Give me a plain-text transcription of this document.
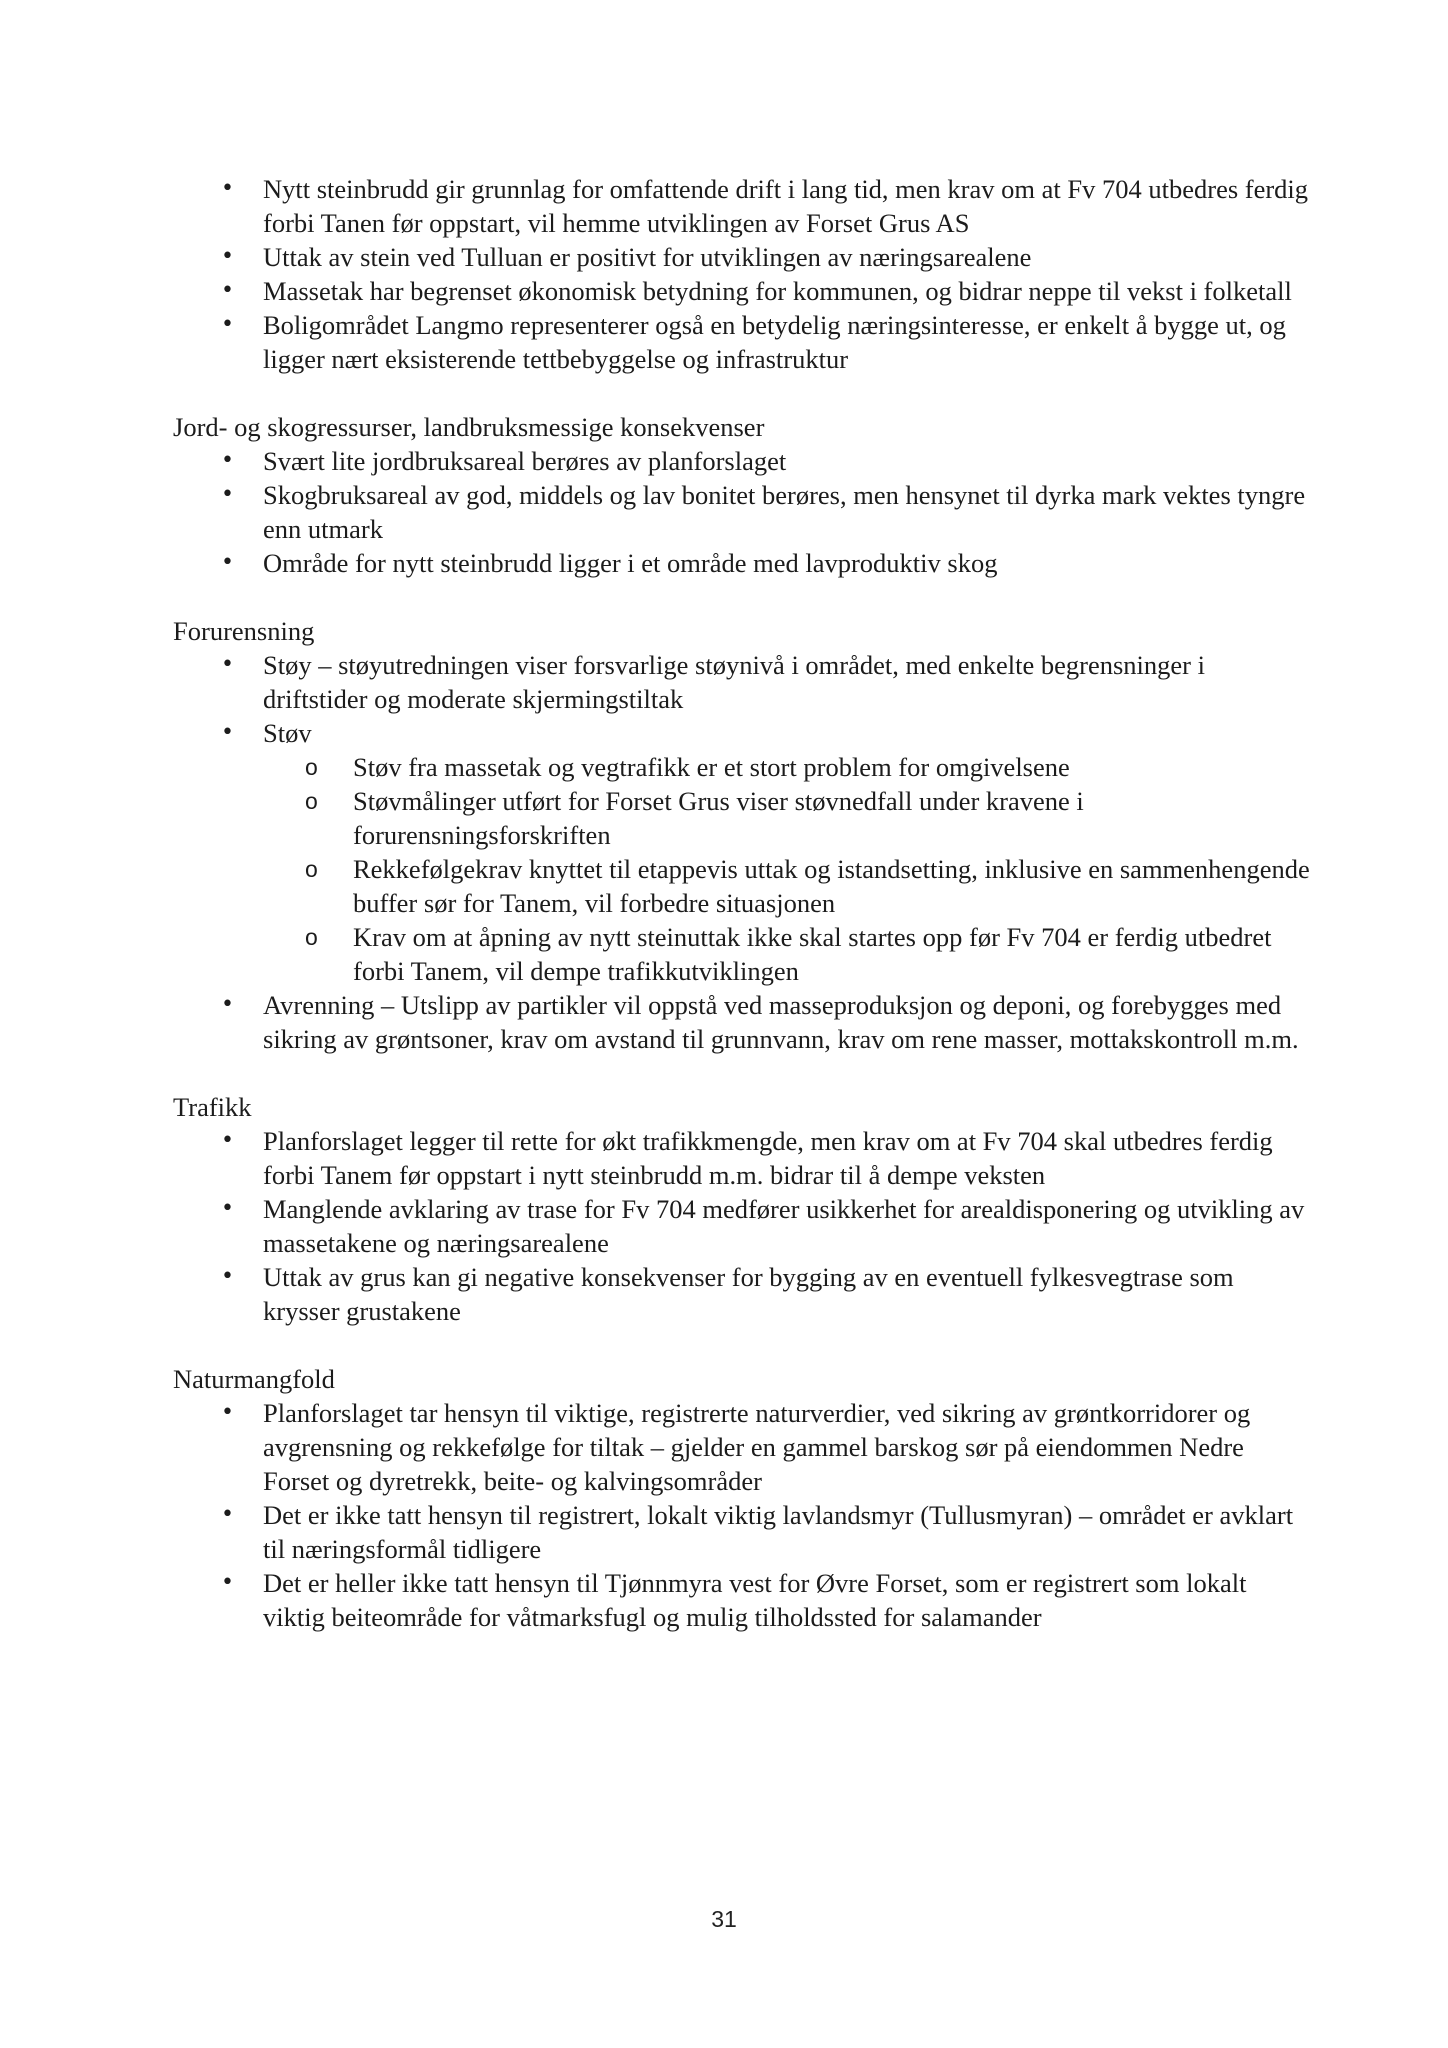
• Nytt steinbrudd gir grunnlag for omfattende drift i lang tid, men krav om at Fv 704 utbedres ferdig forbi Tanen før oppstart, vil hemme utviklingen av Forset Grus AS
• Uttak av stein ved Tulluan er positivt for utviklingen av næringsarealene
• Massetak har begrenset økonomisk betydning for kommunen, og bidrar neppe til vekst i folketall
• Boligområdet Langmo representerer også en betydelig næringsinteresse, er enkelt å bygge ut, og ligger nært eksisterende tettbebyggelse og infrastruktur
Jord- og skogressurser, landbruksmessige konsekvenser
• Svært lite jordbruksareal berøres av planforslaget
• Skogbruksareal av god, middels og lav bonitet berøres, men hensynet til dyrka mark vektes tyngre enn utmark
• Område for nytt steinbrudd ligger i et område med lavproduktiv skog
Forurensning
• Støy – støyutredningen viser forsvarlige støynivå i området, med enkelte begrensninger i driftstider og moderate skjermingstiltak
• Støv
o Støv fra massetak og vegtrafikk er et stort problem for omgivelsene
o Støvmålinger utført for Forset Grus viser støvnedfall under kravene i forurensningsforskriften
o Rekkefølgekrav knyttet til etappevis uttak og istandsetting, inklusive en sammenhengende buffer sør for Tanem, vil forbedre situasjonen
o Krav om at åpning av nytt steinuttak ikke skal startes opp før Fv 704 er ferdig utbedret forbi Tanem, vil dempe trafikkutviklingen
• Avrenning – Utslipp av partikler vil oppstå ved masseproduksjon og deponi, og forebygges med sikring av grøntsoner, krav om avstand til grunnvann, krav om rene masser, mottakskontroll m.m.
Trafikk
• Planforslaget legger til rette for økt trafikkmengde, men krav om at Fv 704 skal utbedres ferdig forbi Tanem før oppstart i nytt steinbrudd m.m. bidrar til å dempe veksten
• Manglende avklaring av trase for Fv 704 medfører usikkerhet for arealdisponering og utvikling av massetakene og næringsarealene
• Uttak av grus kan gi negative konsekvenser for bygging av en eventuell fylkesvegtrase som krysser grustakene
Naturmangfold
• Planforslaget tar hensyn til viktige, registrerte naturverdier, ved sikring av grøntkorridorer og avgrensning og rekkefølge for tiltak – gjelder en gammel barskog sør på eiendommen Nedre Forset og dyretrekk, beite- og kalvingsområder
• Det er ikke tatt hensyn til registrert, lokalt viktig lavlandsmyr (Tullusmyran) – området er avklart til næringsformål tidligere
• Det er heller ikke tatt hensyn til Tjønnmyra vest for Øvre Forset, som er registrert som lokalt viktig beiteområde for våtmarksfugl og mulig tilholdssted for salamander
31
